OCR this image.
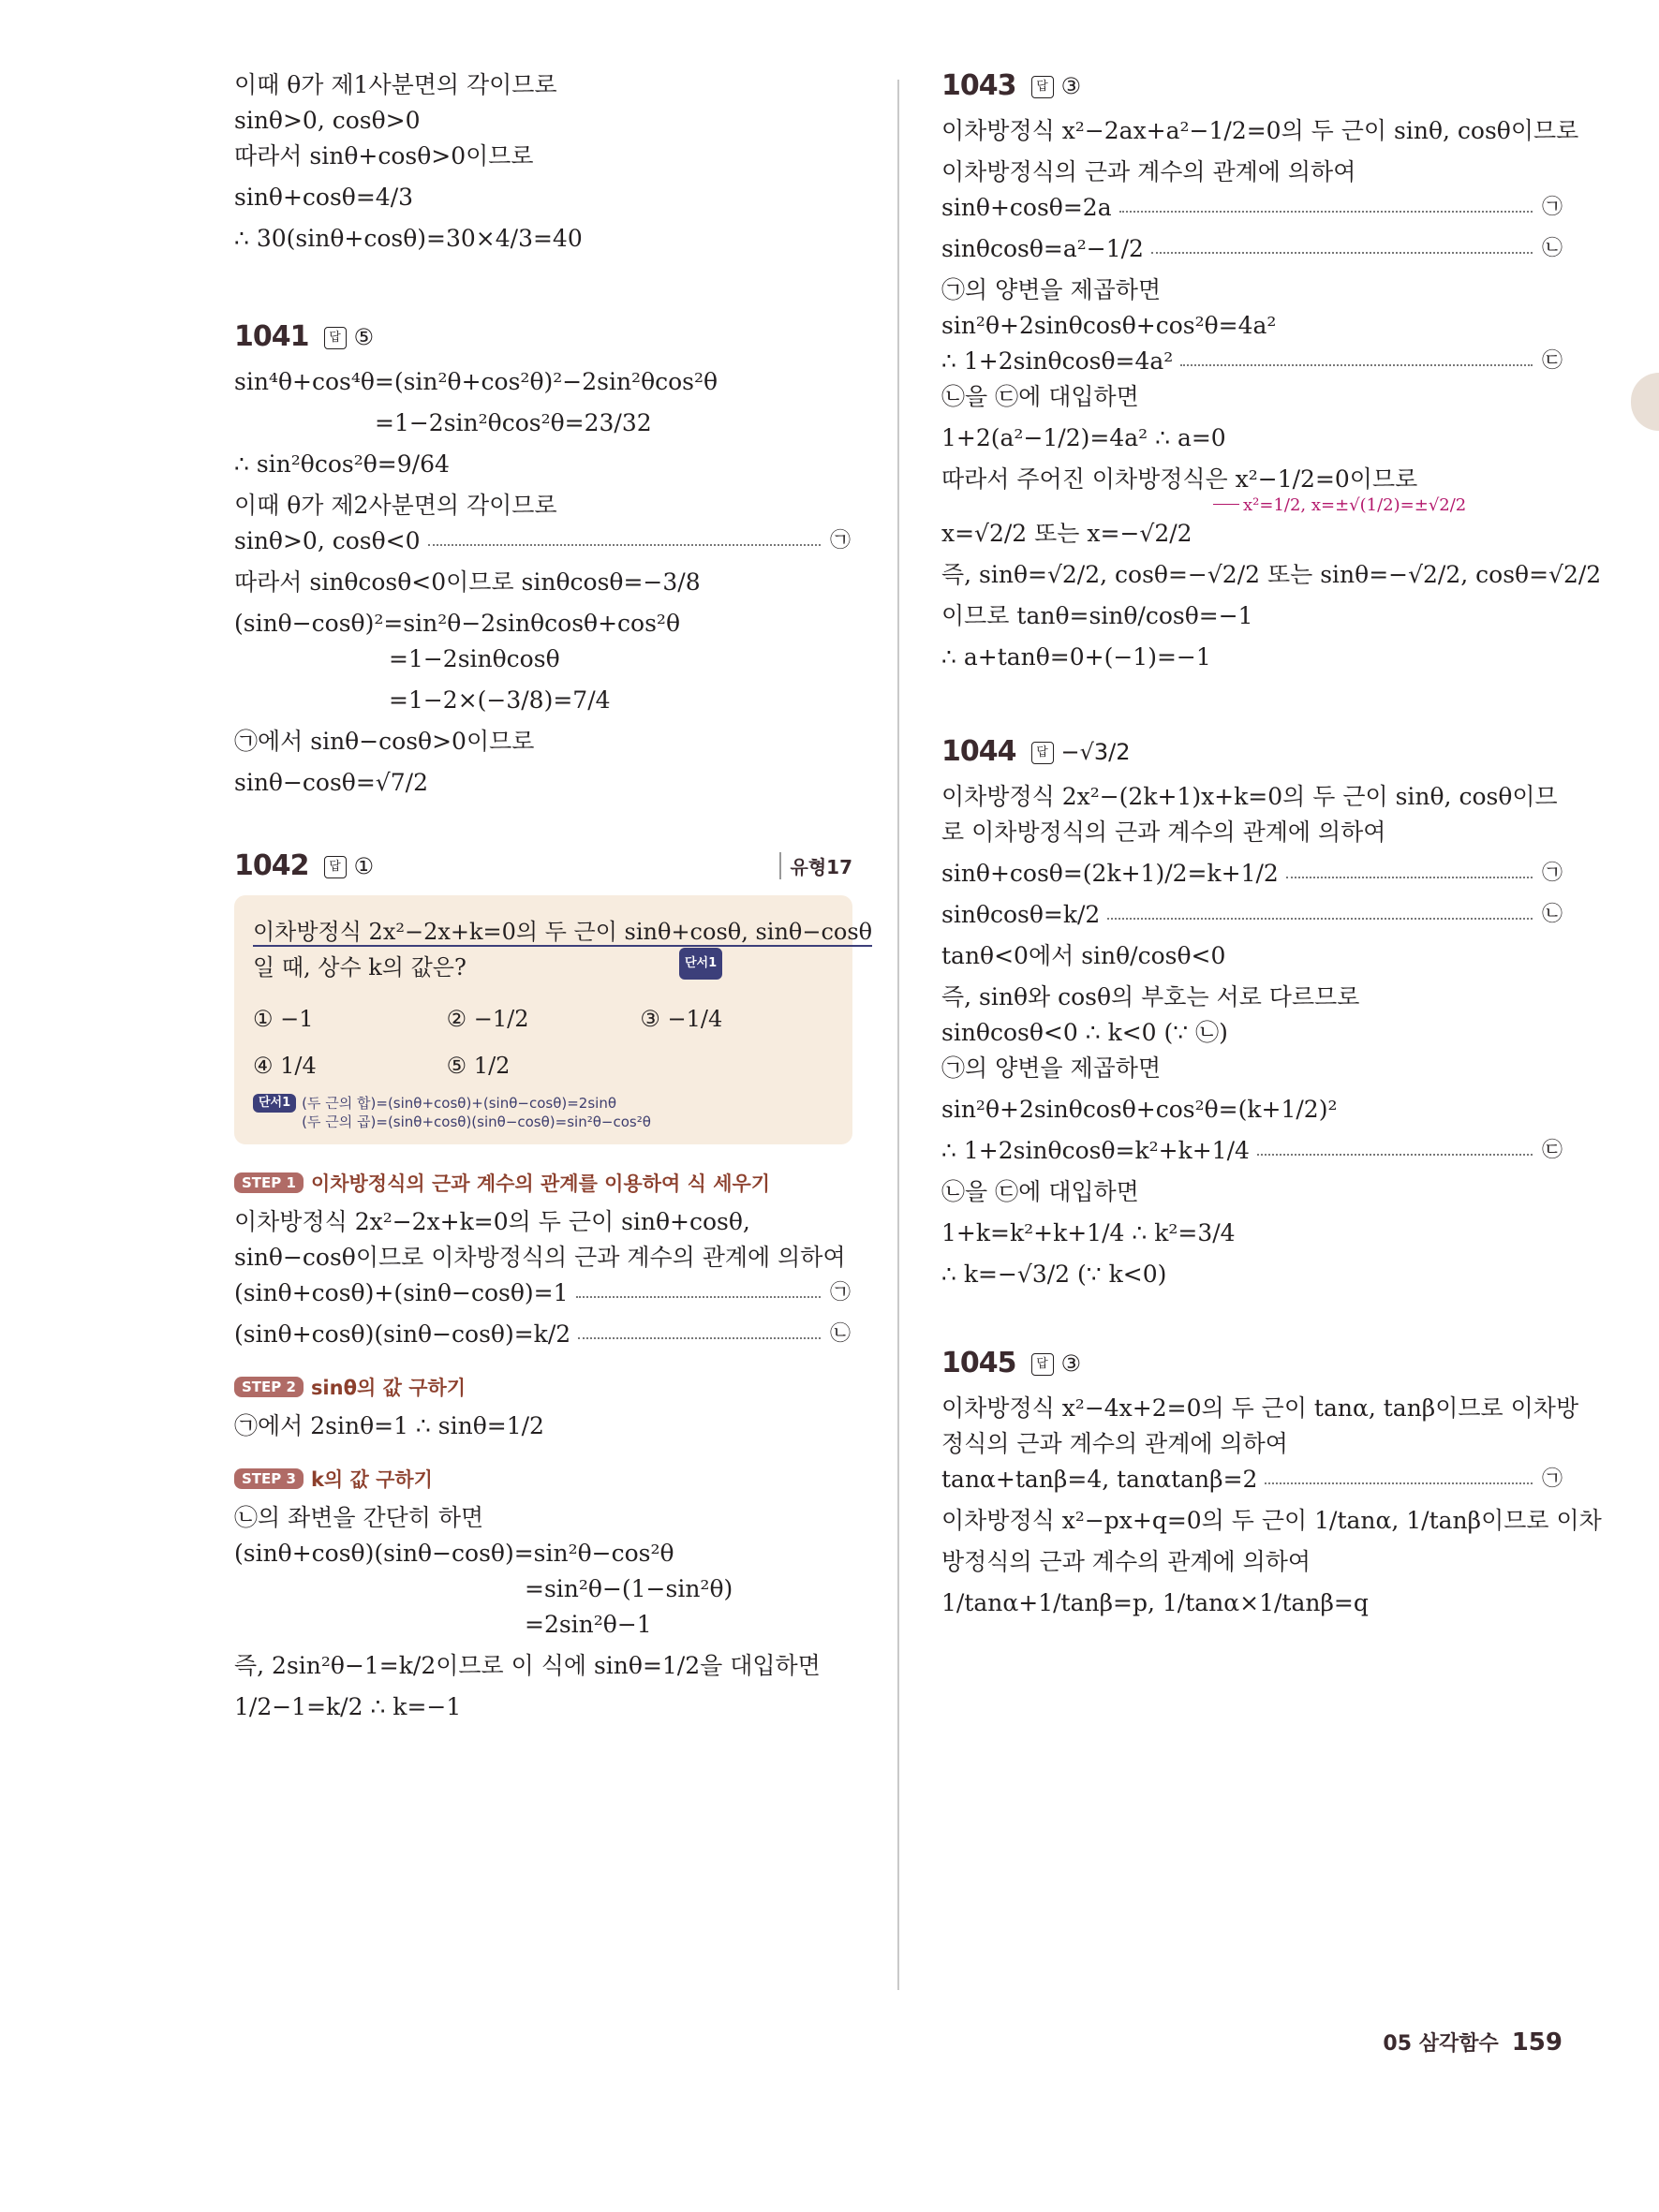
이때 θ가 제1사분면의 각이므로
sinθ>0, cosθ>0
따라서 sinθ+cosθ>0이므로
sinθ+cosθ=4/3
∴ 30(sinθ+cosθ)=30×4/3=40
1041	답 ⑤
sin⁴θ+cos⁴θ=(sin²θ+cos²θ)²−2sin²θcos²θ
=1−2sin²θcos²θ=23/32
∴ sin²θcos²θ=9/64
이때 θ가 제2사분면의 각이므로
sinθ>0, cosθ<0	㉠
따라서 sinθcosθ<0이므로 sinθcosθ=−3/8
(sinθ−cosθ)²=sin²θ−2sinθcosθ+cos²θ
=1−2sinθcosθ
=1−2×(−3/8)=7/4
㉠에서 sinθ−cosθ>0이므로
sinθ−cosθ=√7/2
1042	답 ①	유형17
이차방정식 2x²−2x+k=0의 두 근이 sinθ+cosθ, sinθ−cosθ
단서1
일 때, 상수 k의 값은?
① −1	② −1/2	③ −1/4
④ 1/4	⑤ 1/2
단서1 (두 근의 합)=(sinθ+cosθ)+(sinθ−cosθ)=2sinθ
(두 근의 곱)=(sinθ+cosθ)(sinθ−cosθ)=sin²θ−cos²θ
STEP 1 이차방정식의 근과 계수의 관계를 이용하여 식 세우기
이차방정식 2x²−2x+k=0의 두 근이 sinθ+cosθ,
sinθ−cosθ이므로 이차방정식의 근과 계수의 관계에 의하여
(sinθ+cosθ)+(sinθ−cosθ)=1	㉠
(sinθ+cosθ)(sinθ−cosθ)=k/2	㉡
STEP 2 sinθ의 값 구하기
㉠에서 2sinθ=1 ∴ sinθ=1/2
STEP 3 k의 값 구하기
㉡의 좌변을 간단히 하면
(sinθ+cosθ)(sinθ−cosθ)=sin²θ−cos²θ
=sin²θ−(1−sin²θ)
=2sin²θ−1
즉, 2sin²θ−1=k/2이므로 이 식에 sinθ=1/2을 대입하면
1/2−1=k/2 ∴ k=−1
1043	답 ③
이차방정식 x²−2ax+a²−1/2=0의 두 근이 sinθ, cosθ이므로
이차방정식의 근과 계수의 관계에 의하여
sinθ+cosθ=2a	㉠
sinθcosθ=a²−1/2	㉡
㉠의 양변을 제곱하면
sin²θ+2sinθcosθ+cos²θ=4a²
∴ 1+2sinθcosθ=4a²	㉢
㉡을 ㉢에 대입하면
1+2(a²−1/2)=4a² ∴ a=0
따라서 주어진 이차방정식은 x²−1/2=0이므로
x²=1/2, x=±√(1/2)=±√2/2
x=√2/2 또는 x=−√2/2
즉, sinθ=√2/2, cosθ=−√2/2 또는 sinθ=−√2/2, cosθ=√2/2
이므로 tanθ=sinθ/cosθ=−1
∴ a+tanθ=0+(−1)=−1
1044	답 −√3/2
이차방정식 2x²−(2k+1)x+k=0의 두 근이 sinθ, cosθ이므
로 이차방정식의 근과 계수의 관계에 의하여
sinθ+cosθ=(2k+1)/2=k+1/2	㉠
sinθcosθ=k/2	㉡
tanθ<0에서 sinθ/cosθ<0
즉, sinθ와 cosθ의 부호는 서로 다르므로
sinθcosθ<0 ∴ k<0 (∵ ㉡)
㉠의 양변을 제곱하면
sin²θ+2sinθcosθ+cos²θ=(k+1/2)²
∴ 1+2sinθcosθ=k²+k+1/4	㉢
㉡을 ㉢에 대입하면
1+k=k²+k+1/4 ∴ k²=3/4
∴ k=−√3/2 (∵ k<0)
1045	답 ③
이차방정식 x²−4x+2=0의 두 근이 tanα, tanβ이므로 이차방
정식의 근과 계수의 관계에 의하여
tanα+tanβ=4, tanαtanβ=2	㉠
이차방정식 x²−px+q=0의 두 근이 1/tanα, 1/tanβ이므로 이차
방정식의 근과 계수의 관계에 의하여
1/tanα+1/tanβ=p, 1/tanα×1/tanβ=q
05 삼각함수 159
